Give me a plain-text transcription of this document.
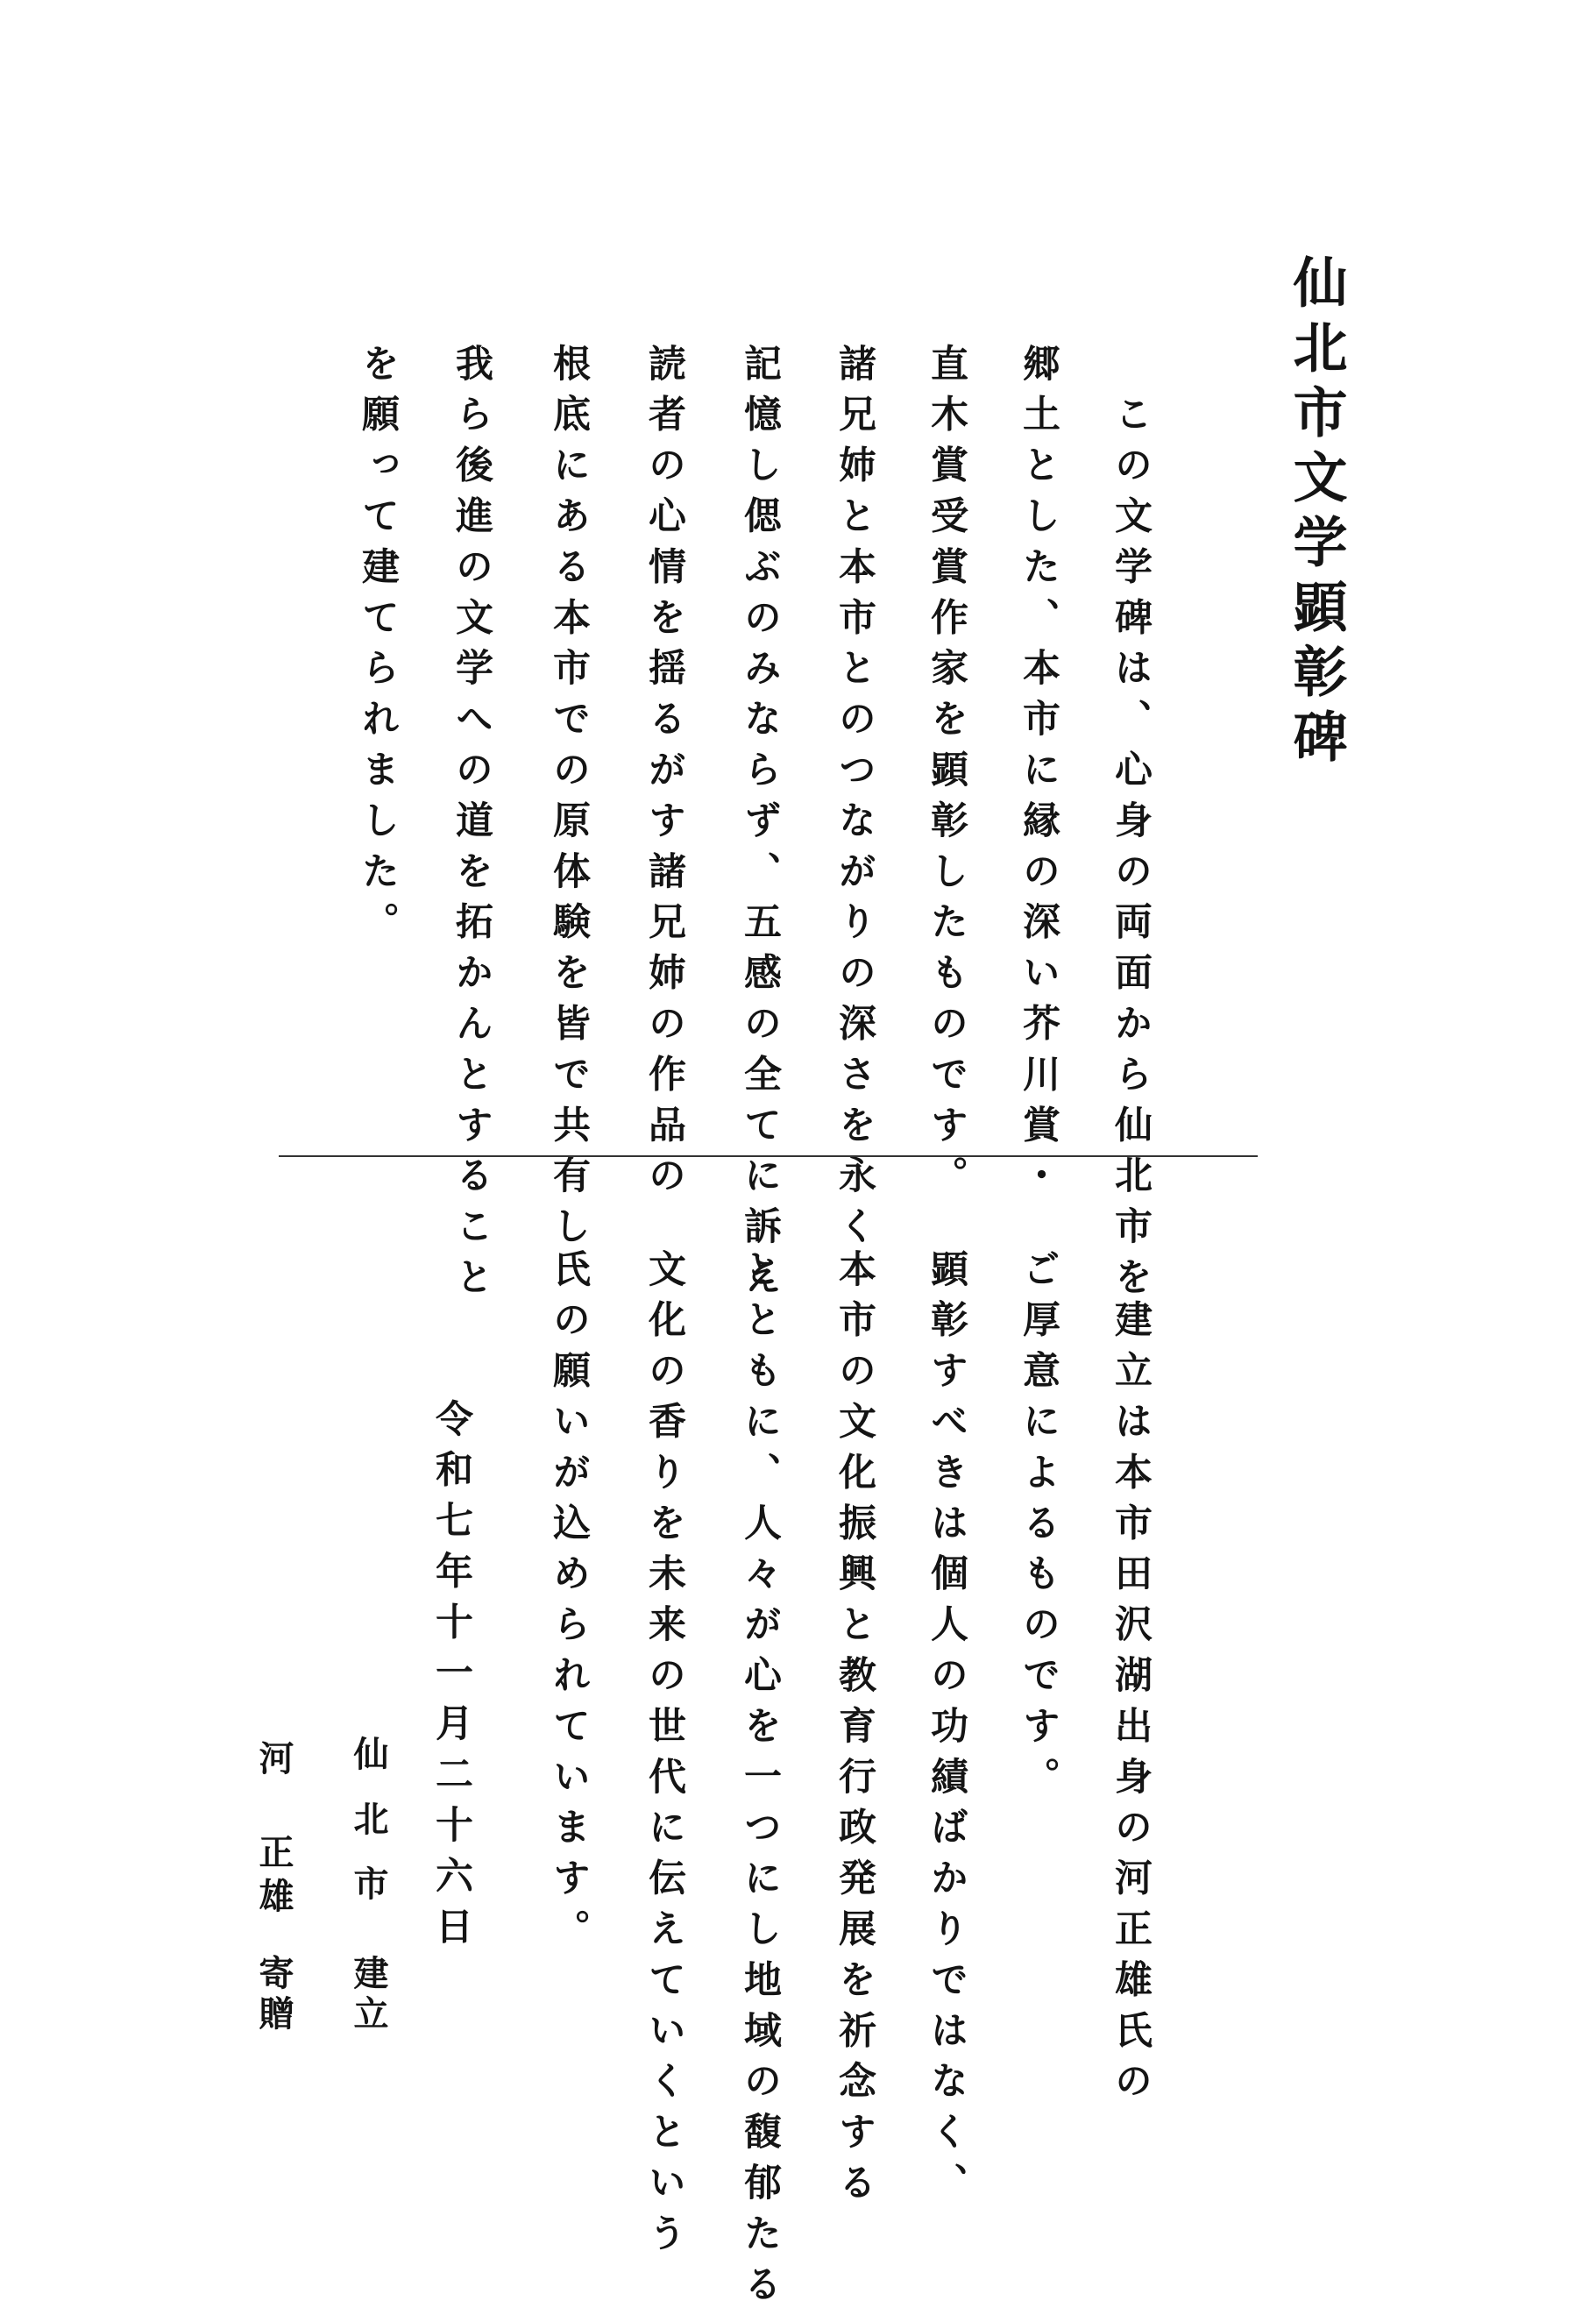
仙北市文学顕彰碑
　この文学碑は、心身の両面から仙北市を
郷土とした、本市に縁の深い芥川賞・
直木賞受賞作家を顕彰したものです。
諸兄姉と本市とのつながりの深さを永く
記憶し偲ぶのみならず、五感の全てに訴え
読者の心情を揺るがす諸兄姉の作品の
根底にある本市での原体験を皆で共有し、
我ら後進の文学への道を拓かんとすること
を願って建てられました。
　建立は本市田沢湖出身の河正雄氏の
ご厚意によるものです。
顕彰すべきは個人の功績ばかりではなく、
本市の文化振興と教育行政発展を祈念する
とともに、人々が心を一つにし地域の馥郁たる
文化の香りを未来の世代に伝えていくという
氏の願いが込められています。
令和七年十一月二十六日
仙北市
建立
河 正雄
寄贈
